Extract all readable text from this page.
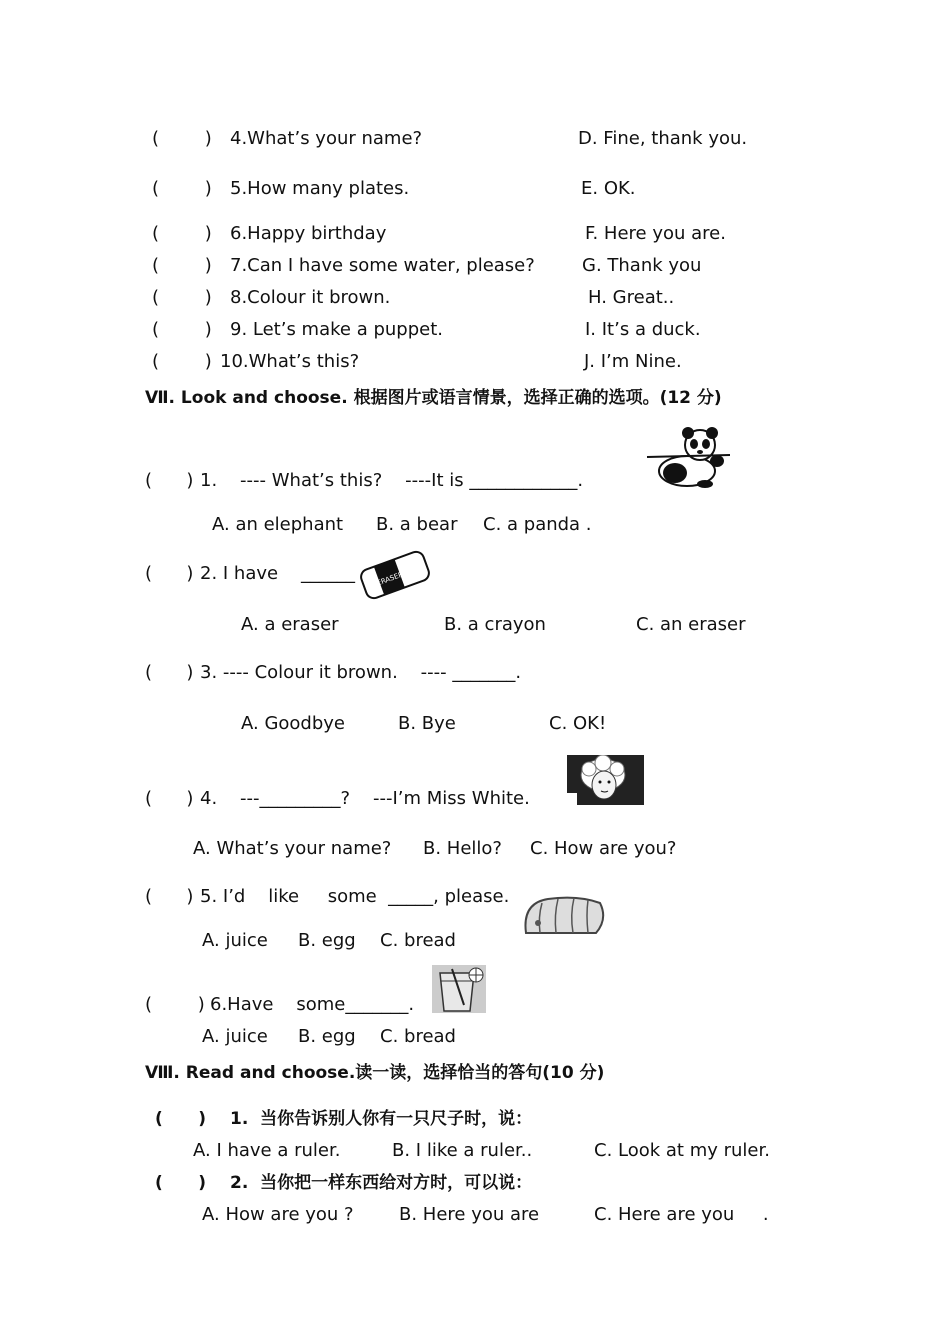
(        ) 4.What’s your name?	D. Fine, thank you.
(        ) 5.How many plates.	E. OK.
(        ) 6.Happy birthday	F. Here you are.
(        ) 7.Can I have some water, please?	G. Thank you
(        ) 8.Colour it brown.	H. Great..
(        ) 9. Let’s make a puppet.	I. It’s a duck.
(        ) 10.What’s this?	J. I’m Nine.
Ⅶ. Look and choose. 根据图片或语言情景，选择正确的选项。(12 分)
(      ) 1.    ---- What’s this?    ----It is ____________.
A. an elephant B. a bear C. a panda .
(      ) 2. I have    ______	ERASER
A. a eraser	B. a crayon	C. an eraser
(      ) 3. ---- Colour it brown.    ---- _______.
A. Goodbye	B. Bye	C. OK!
(      ) 4.    ---_________?    ---I’m Miss White.
A. What’s your name? B. Hello? C. How are you?
(      ) 5. I’d    like     some  _____, please.
A. juice B. egg C. bread
(        ) 6.Have    some_______.
A. juice B. egg C. bread
Ⅷ. Read and choose.读一读，选择恰当的答句(10 分)
(      ) 1.  当你告诉别人你有一只尺子时，说：
A. I have a ruler.	B. I like a ruler..	C. Look at my ruler.
(      ) 2.  当你把一样东西给对方时，可以说：
A. How are you ?	B. Here you are	C. Here are you     .
